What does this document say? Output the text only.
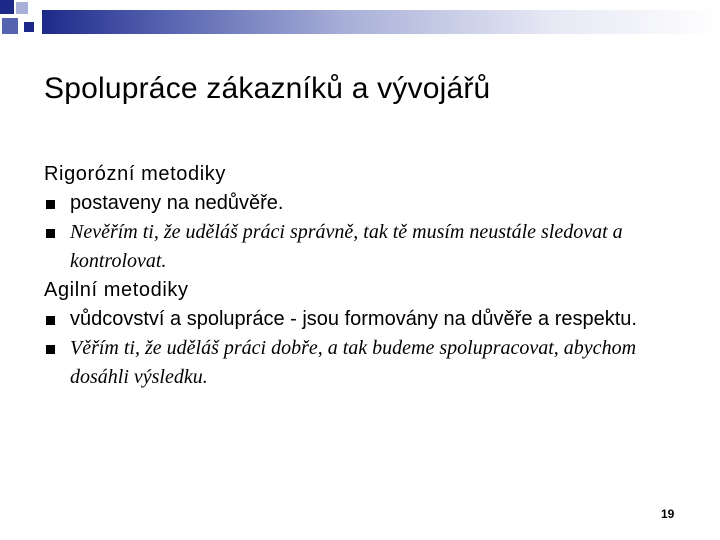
Spolupráce zákazníků a vývojářů
Rigorózní metodiky
postaveny na nedůvěře.
Nevěřím ti, že uděláš práci správně, tak tě musím neustále sledovat a kontrolovat.
Agilní metodiky
vůdcovství a spolupráce - jsou formovány na důvěře a respektu.
Věřím ti, že uděláš práci dobře, a tak budeme spolupracovat, abychom dosáhli výsledku.
19
